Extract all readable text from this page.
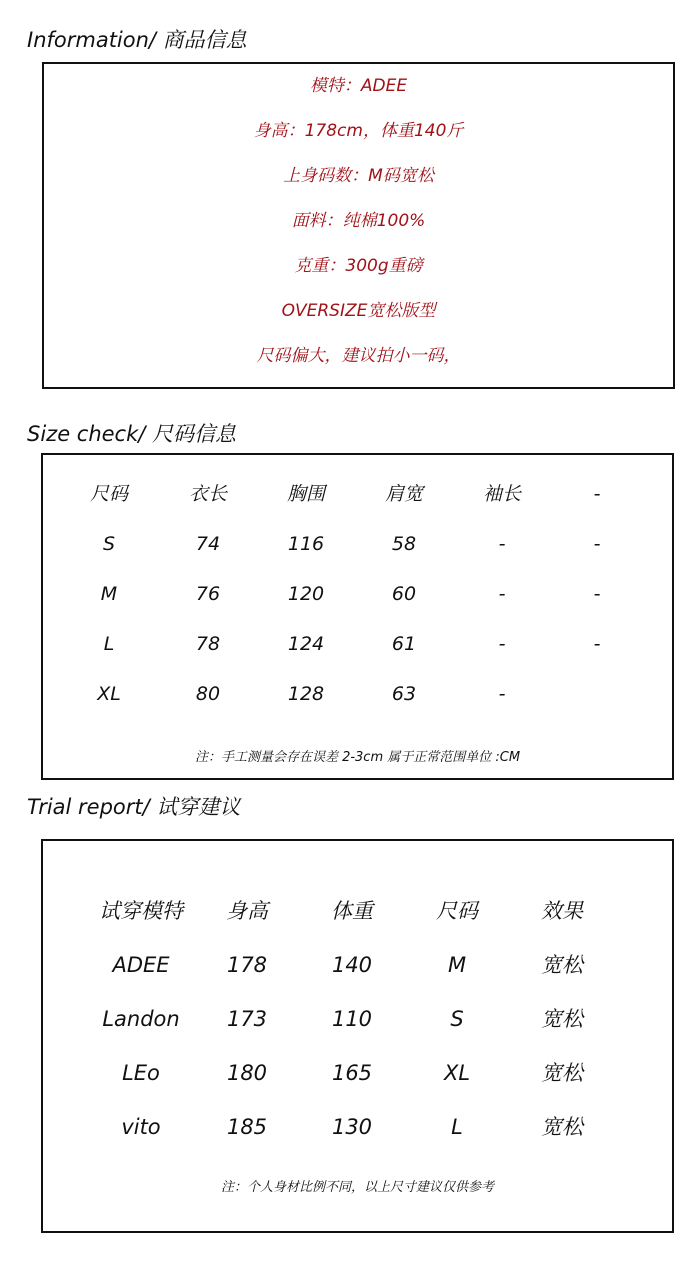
Information/ 商品信息
模特：ADEE
身高：178cm，体重140斤
上身码数：M码宽松
面料：纯棉100%
克重：300g重磅
OVERSIZE宽松版型
尺码偏大，建议拍小一码，
Size check/ 尺码信息
尺码	衣长	胸围	肩宽	袖长	-
S	74	116	58	-	-
M	76	120	60	-	-
L	78	124	61	-	-
XL	80	128	63	-
注：手工测量会存在误差 2-3cm 属于正常范围单位 :CM
Trial report/ 试穿建议
试穿模特	身高	体重	尺码	效果
ADEE	178	140	M	宽松
Landon	173	110	S	宽松
LEo	180	165	XL	宽松
vito	185	130	L	宽松
注：个人身材比例不同，以上尺寸建议仅供参考
